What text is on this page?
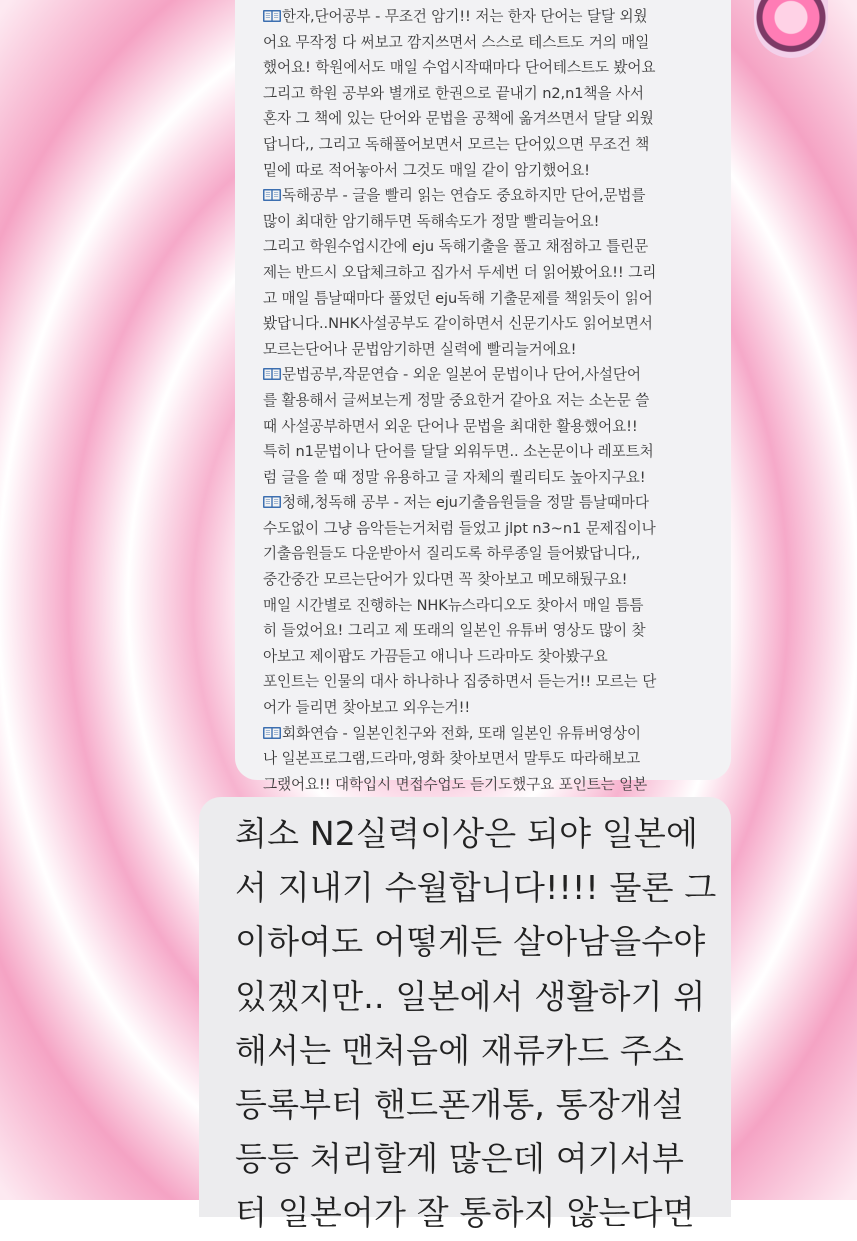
한자,단어공부 - 무조건 암기!! 저는 한자 단어는 달달 외웠
어요 무작정 다 써보고 깜지쓰면서 스스로 테스트도 거의 매일
했어요! 학원에서도 매일 수업시작때마다 단어테스트도 봤어요
그리고 학원 공부와 별개로 한권으로 끝내기 n2,n1책을 사서
혼자 그 책에 있는 단어와 문법을 공책에 옮겨쓰면서 달달 외웠
답니다,, 그리고 독해풀어보면서 모르는 단어있으면 무조건 책
밑에 따로 적어놓아서 그것도 매일 같이 암기했어요!
독해공부 - 글을 빨리 읽는 연습도 중요하지만 단어,문법를
많이 최대한 암기해두면 독해속도가 정말 빨리늘어요!
그리고 학원수업시간에 eju 독해기출을 풀고 채점하고 틀린문
제는 반드시 오답체크하고 집가서 두세번 더 읽어봤어요!! 그리
고 매일 틈날때마다 풀었던 eju독해 기출문제를 책읽듯이 읽어
봤답니다..NHK사설공부도 같이하면서 신문기사도 읽어보면서
모르는단어나 문법암기하면 실력에 빨리늘거에요!
문법공부,작문연습 - 외운 일본어 문법이나 단어,사설단어
를 활용해서 글써보는게 정말 중요한거 같아요 저는 소논문 쓸
때 사설공부하면서 외운 단어나 문법을 최대한 활용했어요!!
특히 n1문법이나 단어를 달달 외워두면.. 소논문이나 레포트처
럼 글을 쓸 때 정말 유용하고 글 자체의 퀄리티도 높아지구요!
청해,청독해 공부 - 저는 eju기출음원들을 정말 틈날때마다
수도없이 그냥 음악듣는거처럼 들었고 jlpt n3~n1 문제집이나
기출음원들도 다운받아서 질리도록 하루종일 들어봤답니다,,
중간중간 모르는단어가 있다면 꼭 찾아보고 메모해뒀구요!
매일 시간별로 진행하는 NHK뉴스라디오도 찾아서 매일 틈틈
히 들었어요! 그리고 제 또래의 일본인 유튜버 영상도 많이 찾
아보고 제이팝도 가끔듣고 애니나 드라마도 찾아봤구요
포인트는 인물의 대사 하나하나 집중하면서 듣는거!! 모르는 단
어가 들리면 찾아보고 외우는거!!
회화연습 - 일본인친구와 전화, 또래 일본인 유튜버영상이
나 일본프로그램,드라마,영화 찾아보면서 말투도 따라해보고
그랬어요!! 대학입시 면접수업도 듣기도했구요 포인트는 일본
최소 N2실력이상은 되야 일본에
서 지내기 수월합니다!!!! 물론 그
이하여도 어떻게든 살아남을수야
있겠지만.. 일본에서 생활하기 위
해서는 맨처음에 재류카드 주소
등록부터 핸드폰개통, 통장개설
등등 처리할게 많은데 여기서부
터 일본어가 잘 통하지 않는다면
